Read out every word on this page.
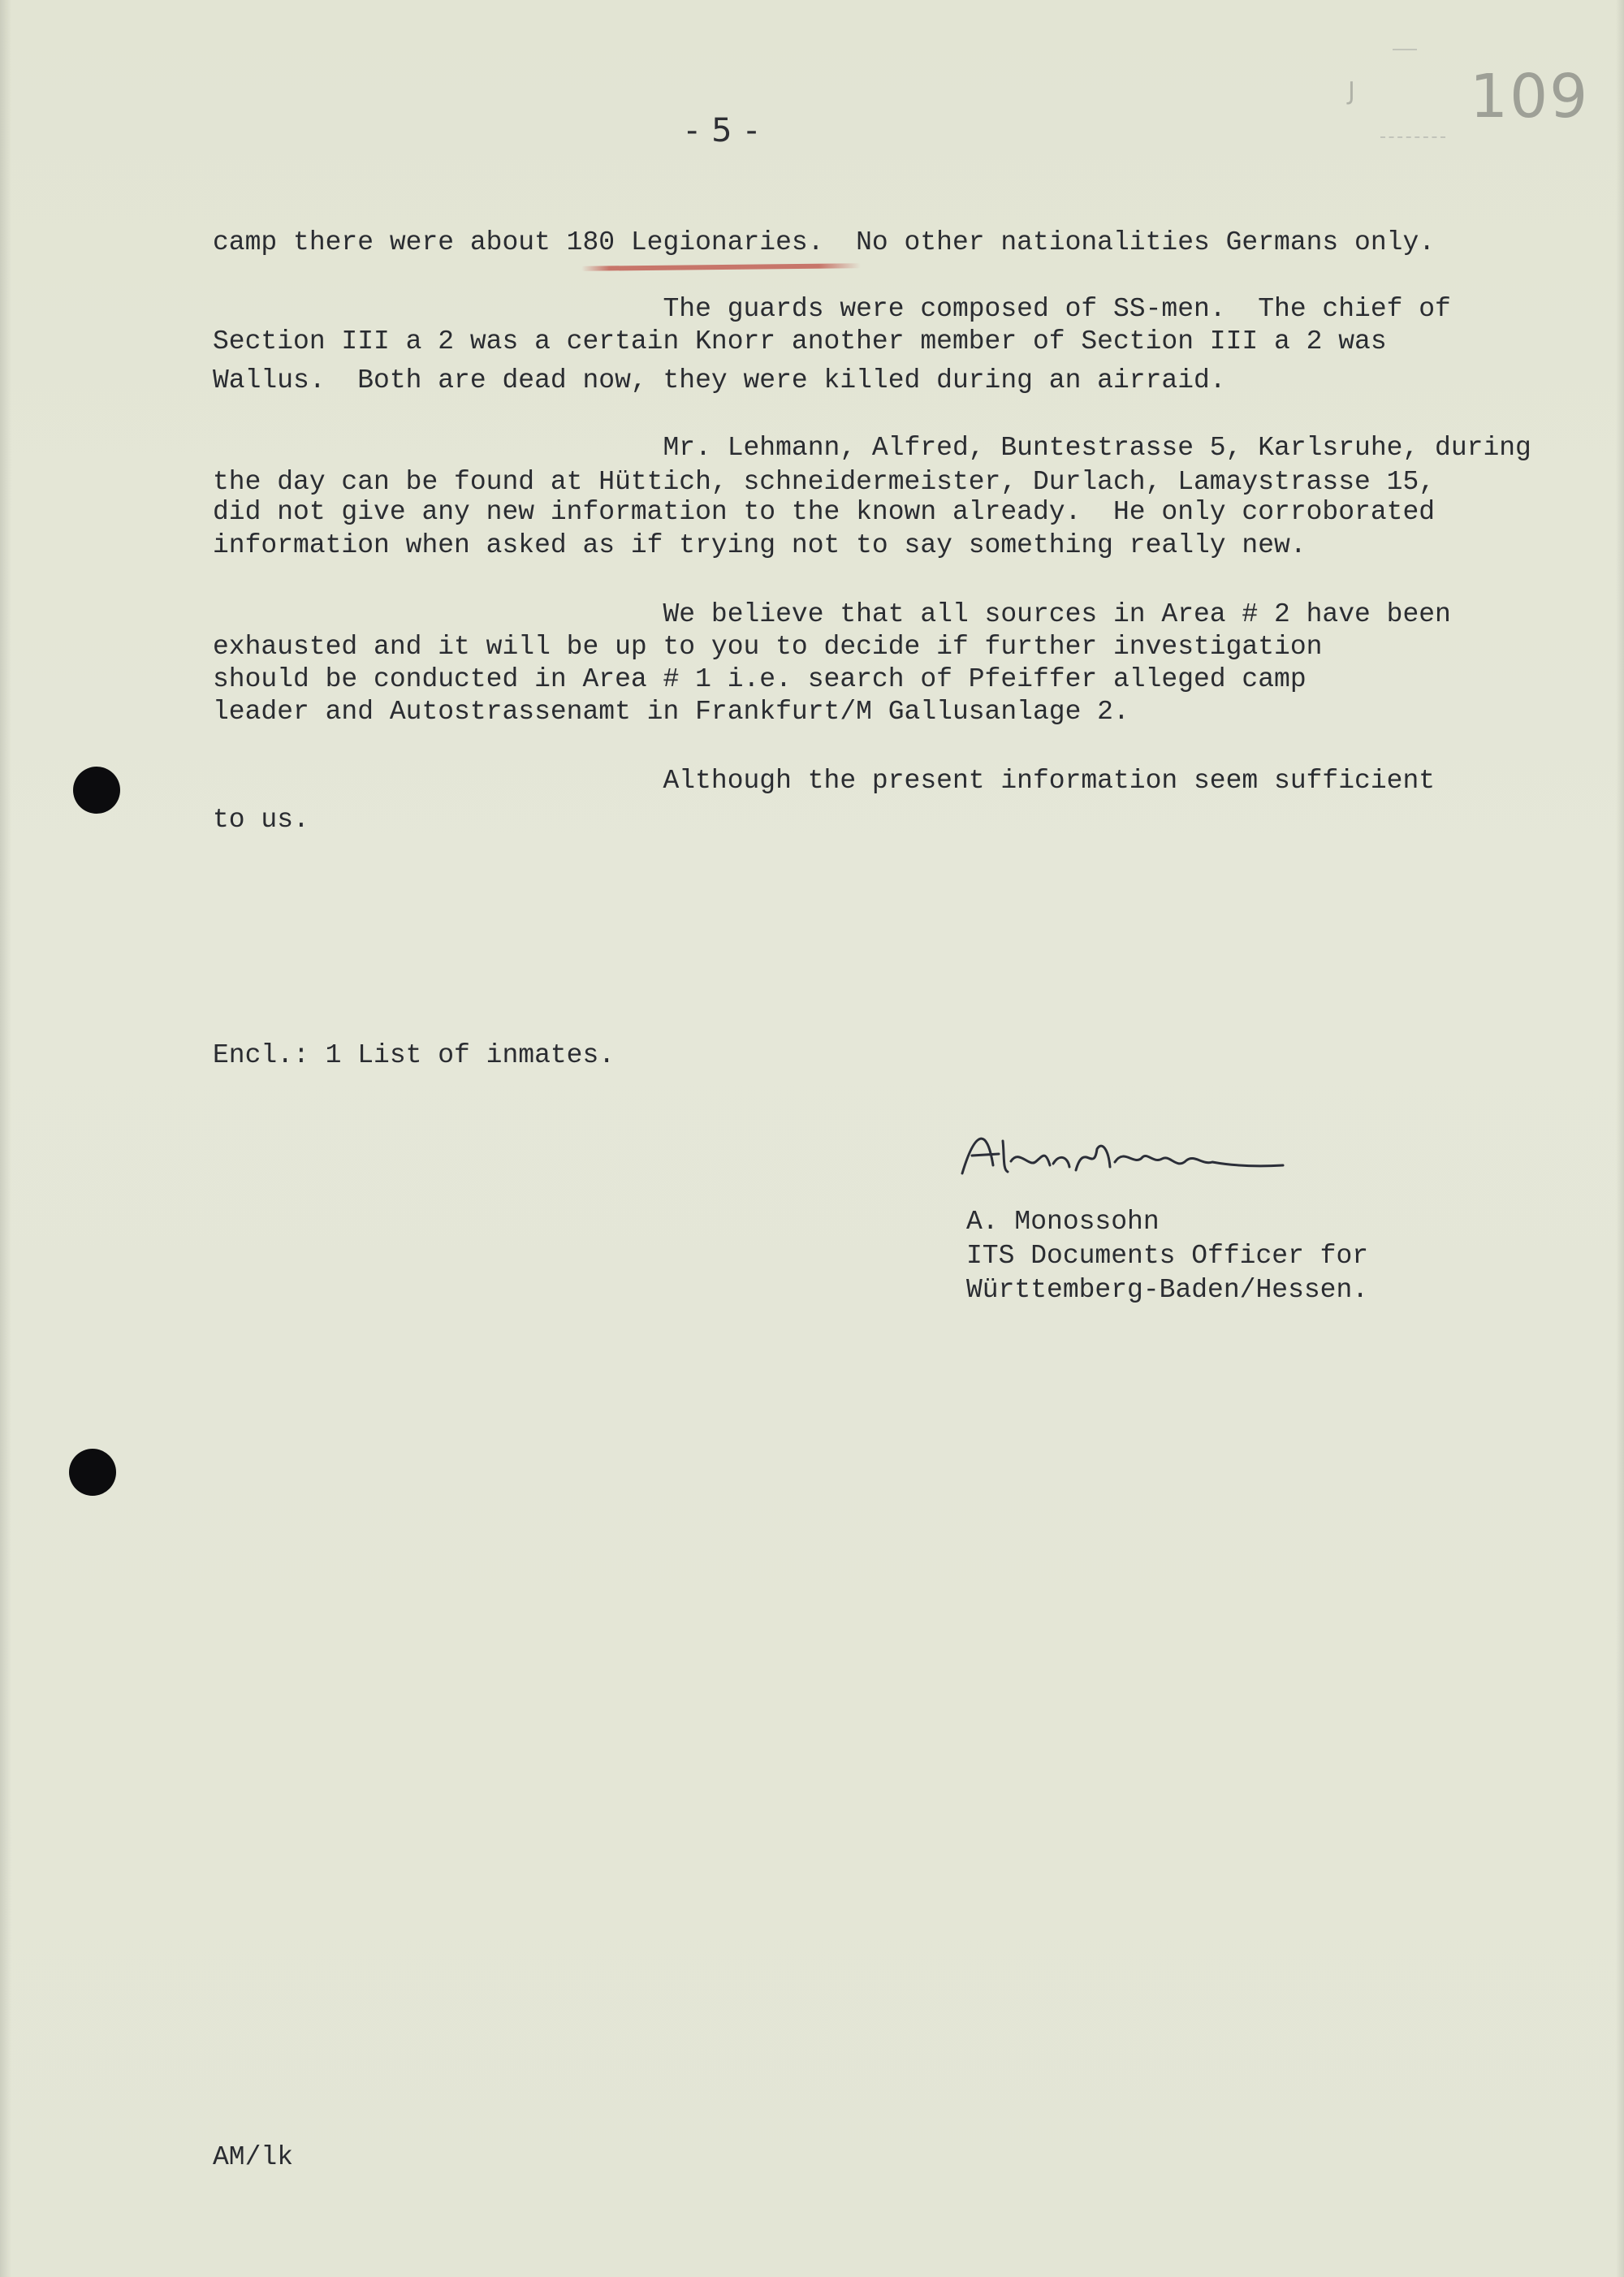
- 5 -
J 109
camp there were about 180 Legionaries.  No other nationalities Germans only.
The guards were composed of SS-men.  The chief of
Section III a 2 was a certain Knorr another member of Section III a 2 was
Wallus.  Both are dead now, they were killed during an airraid.
Mr. Lehmann, Alfred, Buntestrasse 5, Karlsruhe, during
the day can be found at Hüttich, schneidermeister, Durlach, Lamaystrasse 15,
did not give any new information to the known already.  He only corroborated
information when asked as if trying not to say something really new.
We believe that all sources in Area # 2 have been
exhausted and it will be up to you to decide if further investigation
should be conducted in Area # 1 i.e. search of Pfeiffer alleged camp
leader and Autostrassenamt in Frankfurt/M Gallusanlage 2.
Although the present information seem sufficient
to us.
Encl.: 1 List of inmates.
A. Monossohn
ITS Documents Officer for
Württemberg-Baden/Hessen.
AM/lk
